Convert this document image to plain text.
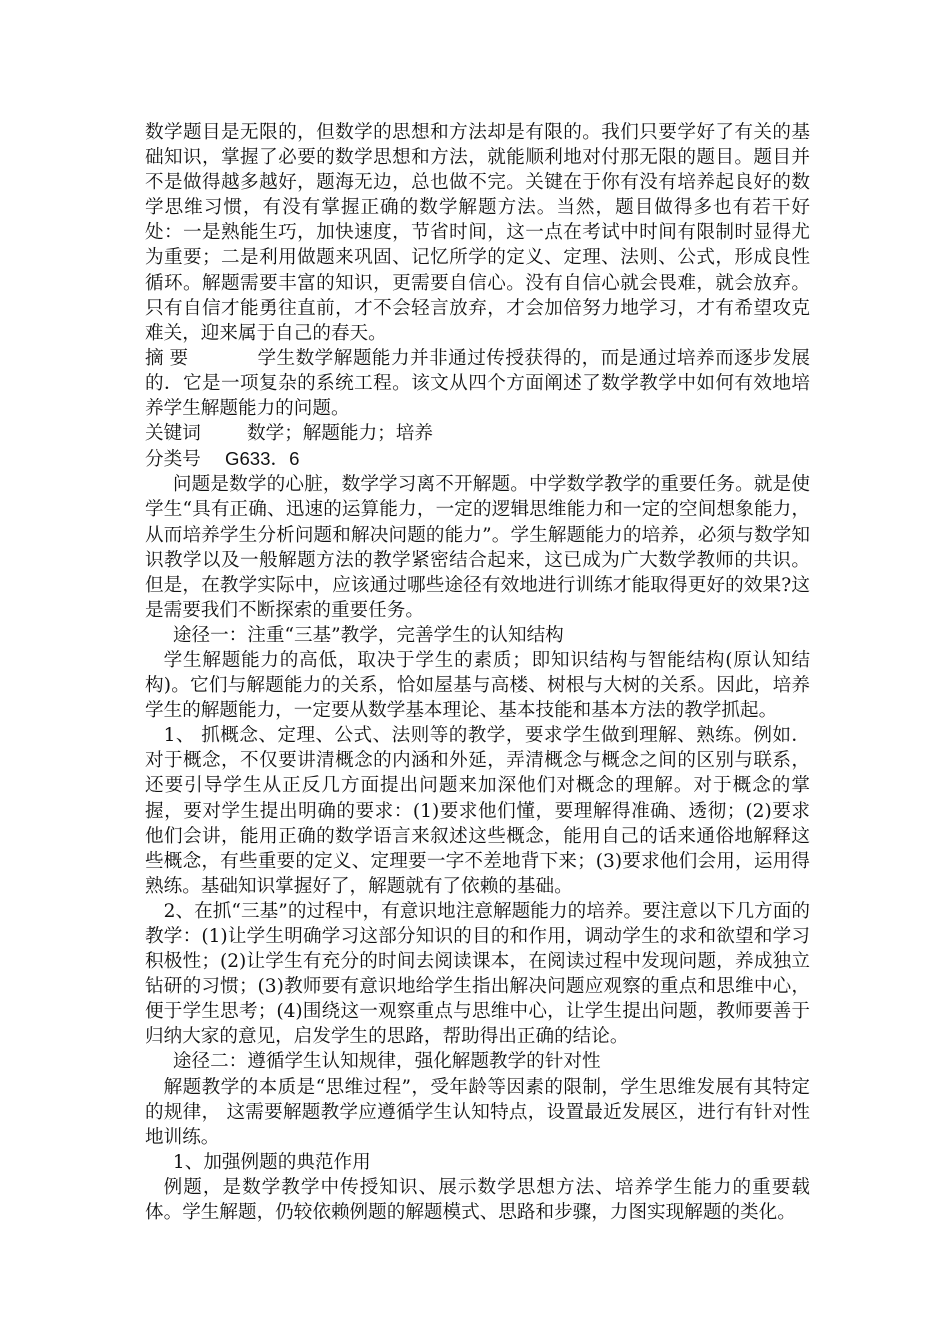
数学题目是无限的，但数学的思想和方法却是有限的。我们只要学好了有关的基础知识，掌握了必要的数学思想和方法，就能顺利地对付那无限的题目。题目并不是做得越多越好，题海无边，总也做不完。关键在于你有没有培养起良好的数学思维习惯，有没有掌握正确的数学解题方法。当然，题目做得多也有若干好处：一是熟能生巧，加快速度，节省时间，这一点在考试中时间有限制时显得尤为重要；二是利用做题来巩固、记忆所学的定义、定理、法则、公式，形成良性循环。解题需要丰富的知识，更需要自信心。没有自信心就会畏难，就会放弃。只有自信才能勇往直前，才不会轻言放弃，才会加倍努力地学习，才有希望攻克难关，迎来属于自己的春天。

摘 要	学生数学解题能力并非通过传授获得的，而是通过培养而逐步发展的．它是一项复杂的系统工程。该文从四个方面阐述了数学教学中如何有效地培养学生解题能力的问题。

关键词 数学；解题能力；培养

分类号 G633．6

问题是数学的心脏，数学学习离不开解题。中学数学教学的重要任务。就是使学生“具有正确、迅速的运算能力，一定的逻辑思维能力和一定的空间想象能力，从而培养学生分析问题和解决问题的能力”。学生解题能力的培养，必须与数学知识教学以及一般解题方法的教学紧密结合起来，这已成为广大数学教师的共识。但是，在教学实际中，应该通过哪些途径有效地进行训练才能取得更好的效果?这是需要我们不断探索的重要任务。

途径一：注重“三基”教学，完善学生的认知结构

学生解题能力的高低，取决于学生的素质；即知识结构与智能结构(原认知结构)。它们与解题能力的关系，恰如屋基与高楼、树根与大树的关系。因此，培养学生的解题能力，一定要从数学基本理论、基本技能和基本方法的教学抓起。

1、 抓概念、定理、公式、法则等的教学，要求学生做到理解、熟练。例如．对于概念，不仅要讲清概念的内涵和外延，弄清概念与概念之间的区别与联系，还要引导学生从正反几方面提出问题来加深他们对概念的理解。对于概念的掌握，要对学生提出明确的要求：(1)要求他们懂，要理解得准确、透彻；(2)要求他们会讲，能用正确的数学语言来叙述这些概念，能用自己的话来通俗地解释这些概念，有些重要的定义、定理要一字不差地背下来；(3)要求他们会用，运用得熟练。基础知识掌握好了，解题就有了依赖的基础。

2、在抓“三基”的过程中，有意识地注意解题能力的培养。要注意以下几方面的教学：(1)让学生明确学习这部分知识的目的和作用，调动学生的求和欲望和学习积极性；(2)让学生有充分的时间去阅读课本，在阅读过程中发现问题，养成独立钻研的习惯；(3)教师要有意识地给学生指出解决问题应观察的重点和思维中心，便于学生思考；(4)围绕这一观察重点与思维中心，让学生提出问题，教师要善于归纳大家的意见，启发学生的思路，帮助得出正确的结论。

途径二：遵循学生认知规律，强化解题教学的针对性

解题教学的本质是“思维过程”，受年龄等因素的限制，学生思维发展有其特定的规律， 这需要解题教学应遵循学生认知特点，设置最近发展区，进行有针对性地训练。

1、加强例题的典范作用

例题，是数学教学中传授知识、展示数学思想方法、培养学生能力的重要载体。学生解题，仍较依赖例题的解题模式、思路和步骤，力图实现解题的类化。
